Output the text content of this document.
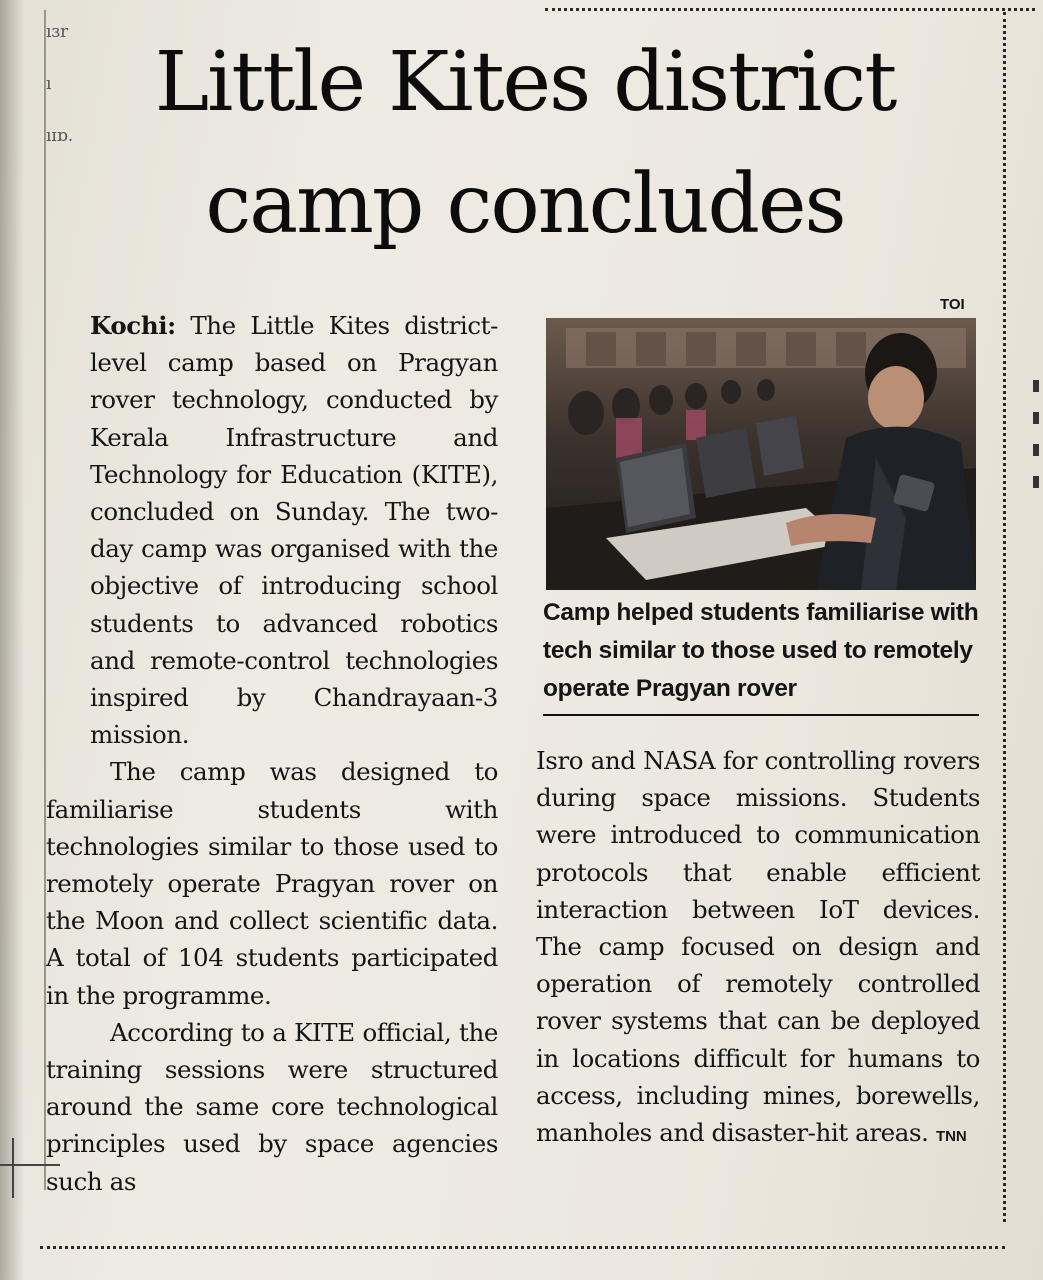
ıɜr
ı
ıɪɒ.
Little Kites district
camp concludes
TOI
Camp helped students familiarise with tech similar to those used to remotely operate Pragyan rover

Kochi: The Little Kites district-level camp based on Pragyan rover technology, conducted by Kerala Infrastructure and Technology for Education (KITE), concluded on Sunday. The two-day camp was organised with the objective of introducing school students to advanced robotics and remote-control technologies inspired by Chandrayaan-3 mission.

The camp was designed to familiarise students with technologies similar to those used to remotely operate Pragyan rover on the Moon and collect scientific data. A total of 104 students participated in the programme.

According to a KITE official, the training sessions were structured around the same core technological principles used by space agencies such as

Isro and NASA for controlling rovers during space missions. Students were introduced to communication protocols that enable efficient interaction between IoT devices. The camp focused on design and operation of remotely controlled rover systems that can be deployed in locations difficult for humans to access, including mines, borewells, manholes and disaster-hit areas. TNN
